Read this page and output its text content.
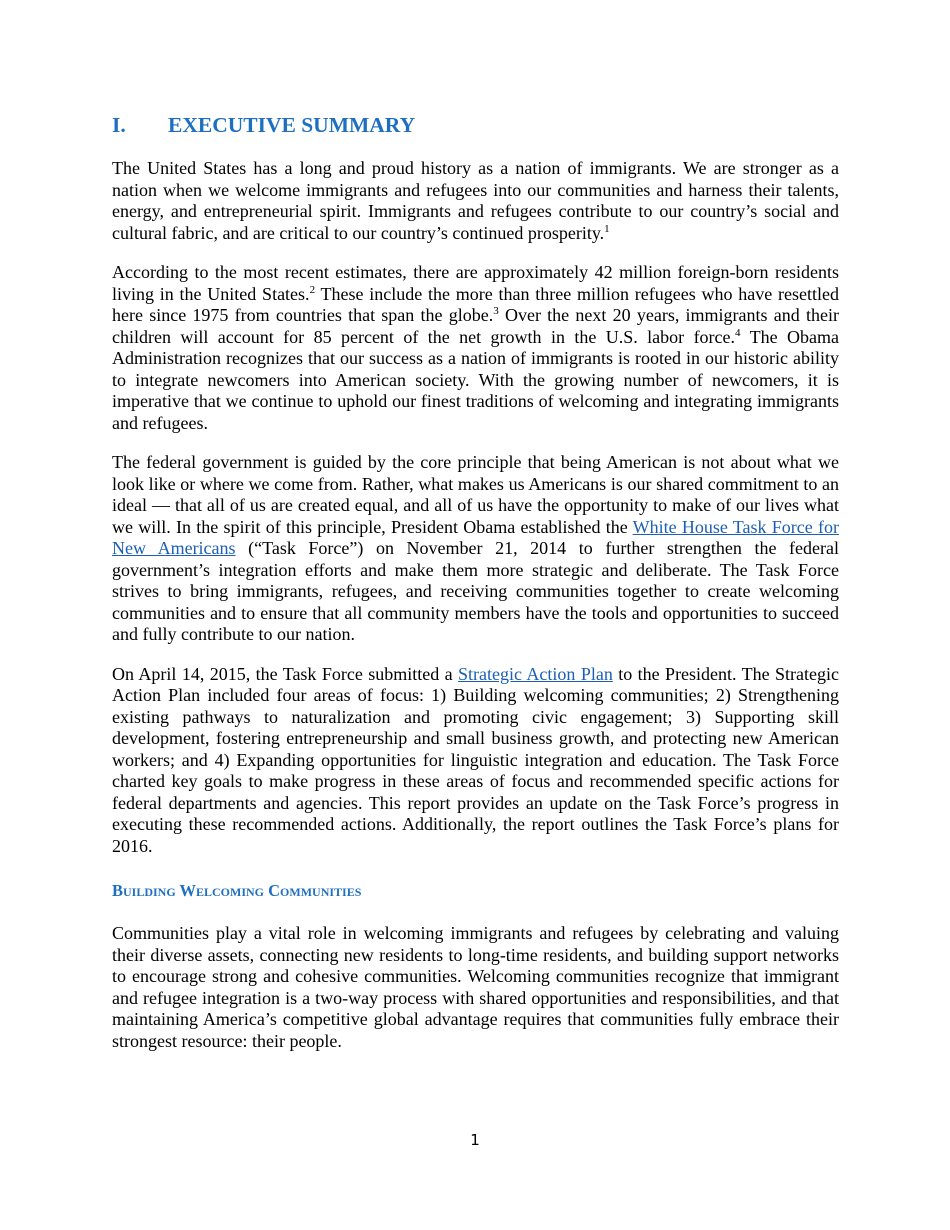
I.	EXECUTIVE SUMMARY

The United States has a long and proud history as a nation of immigrants. We are stronger as a nation when we welcome immigrants and refugees into our communities and harness their talents, energy, and entrepreneurial spirit. Immigrants and refugees contribute to our country’s social and cultural fabric, and are critical to our country’s continued prosperity.$^1$

According to the most recent estimates, there are approximately 42 million foreign-born residents living in the United States.$^2$ These include the more than three million refugees who have resettled here since 1975 from countries that span the globe.$^3$ Over the next 20 years, immigrants and their children will account for 85 percent of the net growth in the U.S. labor force.$^4$ The Obama Administration recognizes that our success as a nation of immigrants is rooted in our historic ability to integrate newcomers into American society. With the growing number of newcomers, it is imperative that we continue to uphold our finest traditions of welcoming and integrating immigrants and refugees.

The federal government is guided by the core principle that being American is not about what we look like or where we come from. Rather, what makes us Americans is our shared commitment to an ideal — that all of us are created equal, and all of us have the opportunity to make of our lives what we will. In the spirit of this principle, President Obama established the White House Task Force for New Americans (“Task Force”) on November 21, 2014 to further strengthen the federal government’s integration efforts and make them more strategic and deliberate. The Task Force strives to bring immigrants, refugees, and receiving communities together to create welcoming communities and to ensure that all community members have the tools and opportunities to succeed and fully contribute to our nation.

On April 14, 2015, the Task Force submitted a Strategic Action Plan to the President. The Strategic Action Plan included four areas of focus: 1) Building welcoming communities; 2) Strengthening existing pathways to naturalization and promoting civic engagement; 3) Supporting skill development, fostering entrepreneurship and small business growth, and protecting new American workers; and 4) Expanding opportunities for linguistic integration and education. The Task Force charted key goals to make progress in these areas of focus and recommended specific actions for federal departments and agencies. This report provides an update on the Task Force’s progress in executing these recommended actions. Additionally, the report outlines the Task Force’s plans for 2016.

Building Welcoming Communities

Communities play a vital role in welcoming immigrants and refugees by celebrating and valuing their diverse assets, connecting new residents to long-time residents, and building support networks to encourage strong and cohesive communities. Welcoming communities recognize that immigrant and refugee integration is a two-way process with shared opportunities and responsibilities, and that maintaining America’s competitive global advantage requires that communities fully embrace their strongest resource: their people.

1
